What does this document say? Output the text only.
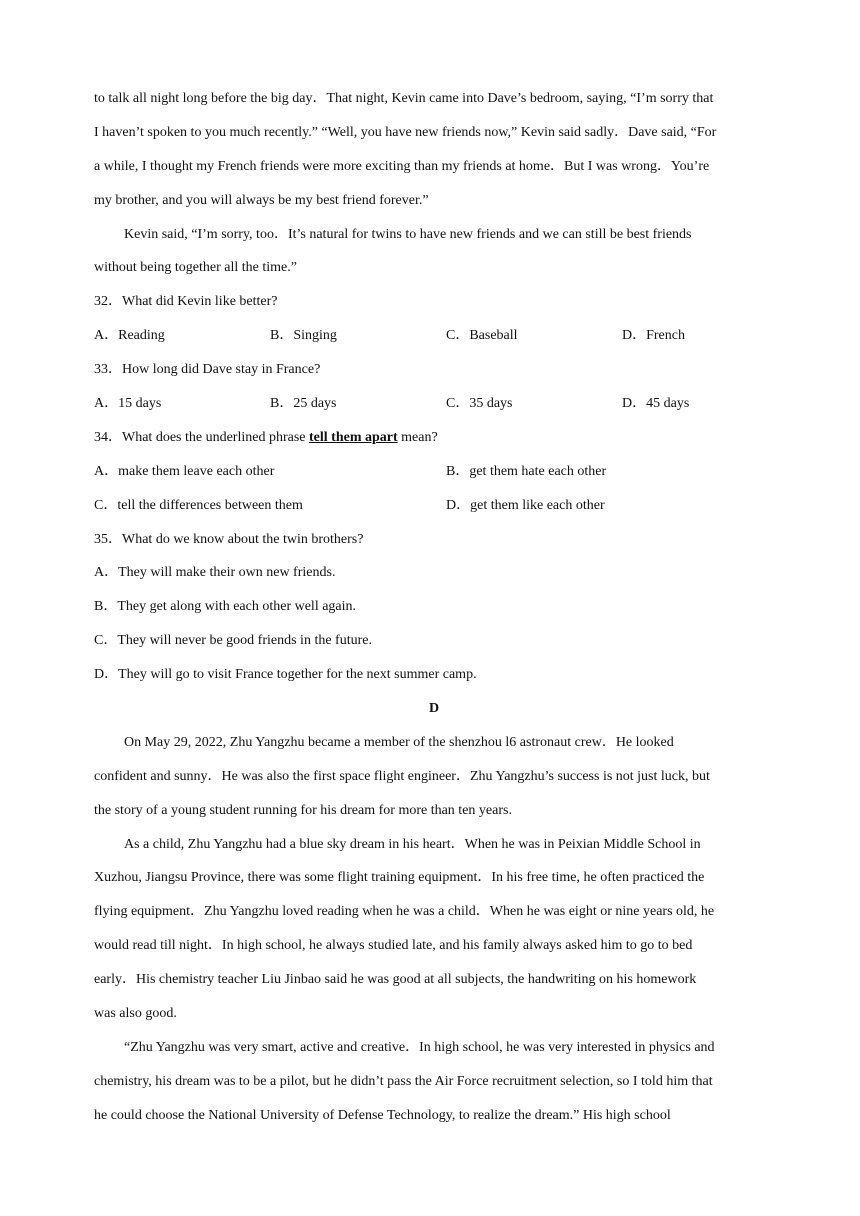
to talk all night long before the big day．That night, Kevin came into Dave’s bedroom, saying, “I’m sorry that
I haven’t spoken to you much recently.” “Well, you have new friends now,” Kevin said sadly．Dave said, “For
a while, I thought my French friends were more exciting than my friends at home．But I was wrong．You’re
my brother, and you will always be my best friend forever.”
Kevin said, “I’m sorry, too．It’s natural for twins to have new friends and we can still be best friends
without being together all the time.”
32．What did Kevin like better?
A．Reading	B．Singing	C．Baseball	D．French
33．How long did Dave stay in France?
A．15 days	B．25 days	C．35 days	D．45 days
34．What does the underlined phrase tell them apart mean?
A．make them leave each other	B．get them hate each other
C．tell the differences between them	D．get them like each other
35．What do we know about the twin brothers?
A．They will make their own new friends.
B．They get along with each other well again.
C．They will never be good friends in the future.
D．They will go to visit France together for the next summer camp.
D
On May 29, 2022, Zhu Yangzhu became a member of the shenzhou l6 astronaut crew．He looked
confident and sunny．He was also the first space flight engineer．Zhu Yangzhu’s success is not just luck, but
the story of a young student running for his dream for more than ten years.
As a child, Zhu Yangzhu had a blue sky dream in his heart．When he was in Peixian Middle School in
Xuzhou, Jiangsu Province, there was some flight training equipment．In his free time, he often practiced the
flying equipment．Zhu Yangzhu loved reading when he was a child．When he was eight or nine years old, he
would read till night．In high school, he always studied late, and his family always asked him to go to bed
early．His chemistry teacher Liu Jinbao said he was good at all subjects, the handwriting on his homework
was also good.
“Zhu Yangzhu was very smart, active and creative．In high school, he was very interested in physics and
chemistry, his dream was to be a pilot, but he didn’t pass the Air Force recruitment selection, so I told him that
he could choose the National University of Defense Technology, to realize the dream.” His high school
